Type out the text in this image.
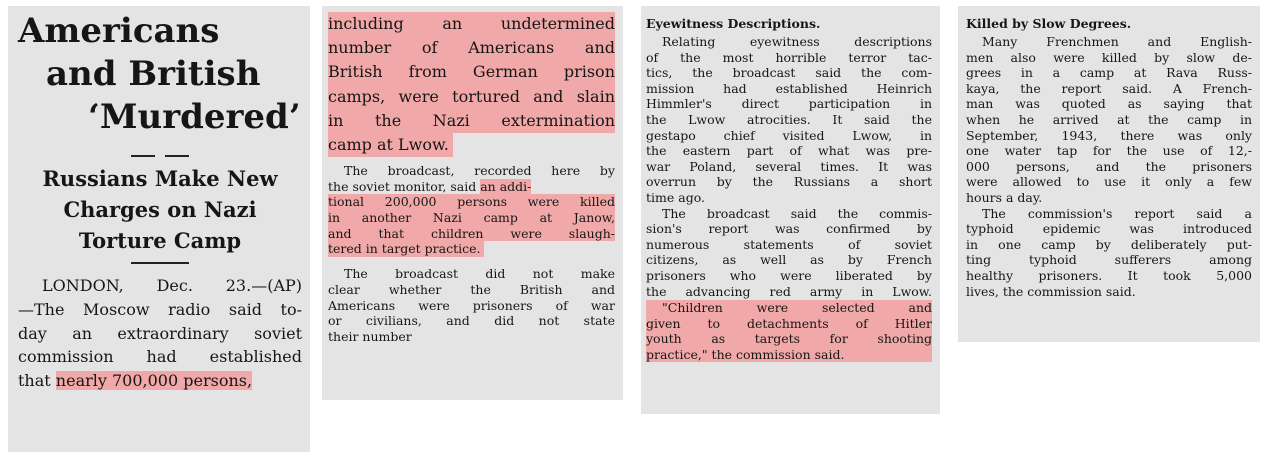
Americans
and British
‘Murdered’
Russians Make New
Charges on Nazi
Torture Camp
LONDON, Dec. 23.—(AP)
—The Moscow radio said to-
day an extraordinary soviet
commission had established
that nearly 700,000 persons,
including an undetermined
number of Americans and
British from German prison
camps, were tortured and slain
in the Nazi extermination
camp at Lwow.
The broadcast, recorded here by
the soviet monitor, said an addi-
tional 200,000 persons were killed
in another Nazi camp at Janow,
and that children were slaugh-
tered in target practice.
The broadcast did not make
clear whether the British and
Americans were prisoners of war
or civilians, and did not state
their number
Eyewitness Descriptions.
Relating eyewitness descriptions
of the most horrible terror tac-
tics, the broadcast said the com-
mission had established Heinrich
Himmler's direct participation in
the Lwow atrocities. It said the
gestapo chief visited Lwow, in
the eastern part of what was pre-
war Poland, several times. It was
overrun by the Russians a short
time ago.
The broadcast said the commis-
sion's report was confirmed by
numerous statements of soviet
citizens, as well as by French
prisoners who were liberated by
the advancing red army in Lwow.
"Children were selected and
given to detachments of Hitler
youth as targets for shooting
practice," the commission said.
Killed by Slow Degrees.
Many Frenchmen and English-
men also were killed by slow de-
grees in a camp at Rava Russ-
kaya, the report said. A French-
man was quoted as saying that
when he arrived at the camp in
September, 1943, there was only
one water tap for the use of 12,-
000 persons, and the prisoners
were allowed to use it only a few
hours a day.
The commission's report said a
typhoid epidemic was introduced
in one camp by deliberately put-
ting typhoid sufferers among
healthy prisoners. It took 5,000
lives, the commission said.
